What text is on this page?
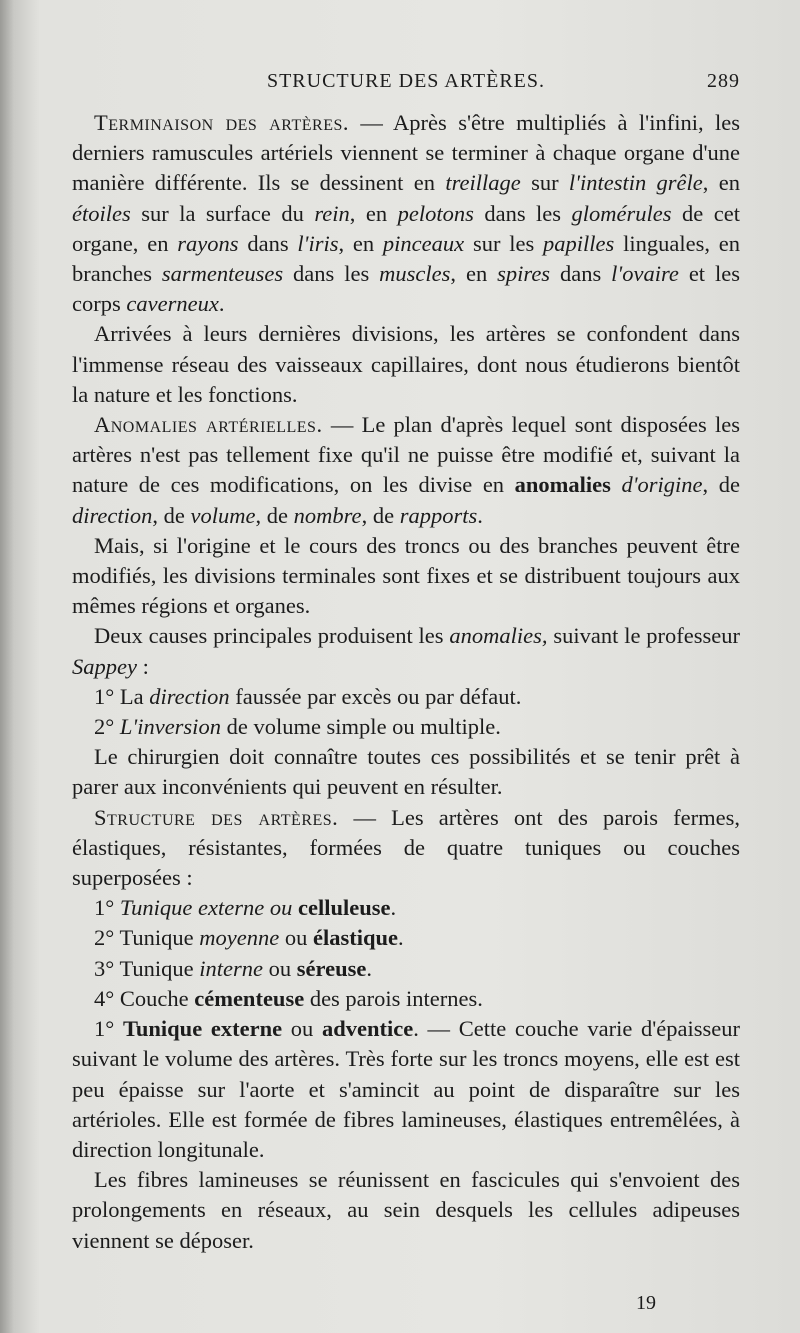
STRUCTURE DES ARTÈRES.	289

Terminaison des artères. — Après s'être multipliés à l'infini, les derniers ramuscules artériels viennent se terminer à chaque organe d'une manière différente. Ils se dessinent en treillage sur l'intestin grêle, en étoiles sur la surface du rein, en pelotons dans les glomérules de cet organe, en rayons dans l'iris, en pinceaux sur les papilles linguales, en branches sarmenteuses dans les muscles, en spires dans l'ovaire et les corps caverneux.

Arrivées à leurs dernières divisions, les artères se confondent dans l'immense réseau des vaisseaux capillaires, dont nous étudierons bientôt la nature et les fonctions.

Anomalies artérielles. — Le plan d'après lequel sont disposées les artères n'est pas tellement fixe qu'il ne puisse être modifié et, suivant la nature de ces modifications, on les divise en anomalies d'origine, de direction, de volume, de nombre, de rapports.

Mais, si l'origine et le cours des troncs ou des branches peuvent être modifiés, les divisions terminales sont fixes et se distribuent toujours aux mêmes régions et organes.

Deux causes principales produisent les anomalies, suivant le professeur Sappey :

1° La direction faussée par excès ou par défaut.

2° L'inversion de volume simple ou multiple.

Le chirurgien doit connaître toutes ces possibilités et se tenir prêt à parer aux inconvénients qui peuvent en résulter.

Structure des artères. — Les artères ont des parois fermes, élastiques, résistantes, formées de quatre tuniques ou couches superposées :

1° Tunique externe ou celluleuse.

2° Tunique moyenne ou élastique.

3° Tunique interne ou séreuse.

4° Couche cémenteuse des parois internes.

1° Tunique externe ou adventice. — Cette couche varie d'épaisseur suivant le volume des artères. Très forte sur les troncs moyens, elle est est peu épaisse sur l'aorte et s'amincit au point de disparaître sur les artérioles. Elle est formée de fibres lamineuses, élastiques entremêlées, à direction longitunale.

Les fibres lamineuses se réunissent en fascicules qui s'envoient des prolongements en réseaux, au sein desquels les cellules adipeuses viennent se déposer.

19
